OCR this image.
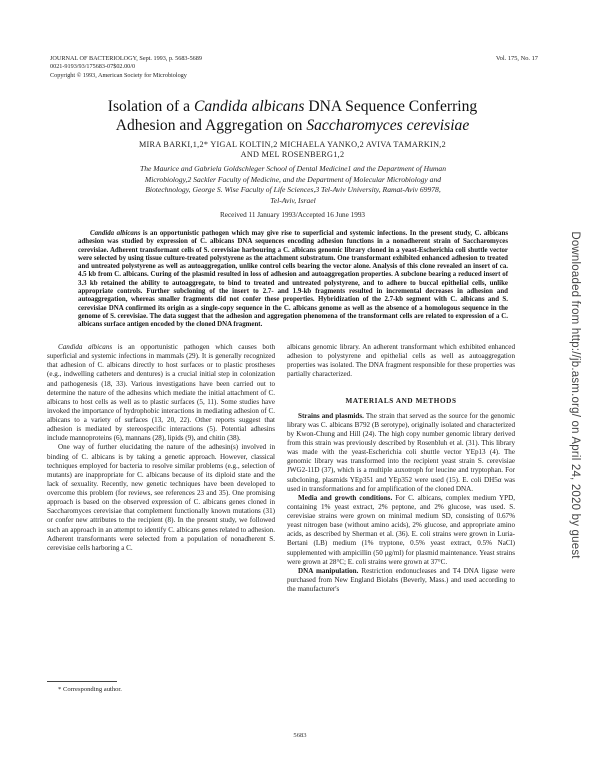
JOURNAL OF BACTERIOLOGY, Sept. 1993, p. 5683-5689
0021-9193/93/175683-07$02.00/0
Copyright © 1993, American Society for Microbiology
Vol. 175, No. 17
Isolation of a Candida albicans DNA Sequence Conferring
Adhesion and Aggregation on Saccharomyces cerevisiae
MIRA BARKI,1,2* YIGAL KOLTIN,2 MICHAELA YANKO,2 AVIVA TAMARKIN,2
AND MEL ROSENBERG1,2
The Maurice and Gabriela Goldschleger School of Dental Medicine1 and the Department of Human
Microbiology,2 Sackler Faculty of Medicine, and the Department of Molecular Microbiology and
Biotechnology, George S. Wise Faculty of Life Sciences,3 Tel-Aviv University, Ramat-Aviv 69978,
Tel-Aviv, Israel
Received 11 January 1993/Accepted 16 June 1993

Candida albicans is an opportunistic pathogen which may give rise to superficial and systemic infections. In the present study, C. albicans adhesion was studied by expression of C. albicans DNA sequences encoding adhesion functions in a nonadherent strain of Saccharomyces cerevisiae. Adherent transformant cells of S. cerevisiae harbouring a C. albicans genomic library cloned in a yeast-Escherichia coli shuttle vector were selected by using tissue culture-treated polystyrene as the attachment substratum. One transformant exhibited enhanced adhesion to treated and untreated polystyrene as well as autoaggregation, unlike control cells bearing the vector alone. Analysis of this clone revealed an insert of ca. 4.5 kb from C. albicans. Curing of the plasmid resulted in loss of adhesion and autoaggregation properties. A subclone bearing a reduced insert of 3.3 kb retained the ability to autoaggregate, to bind to treated and untreated polystyrene, and to adhere to buccal epithelial cells, unlike appropriate controls. Further subcloning of the insert to 2.7- and 1.9-kb fragments resulted in incremental decreases in adhesion and autoaggregation, whereas smaller fragments did not confer these properties. Hybridization of the 2.7-kb segment with C. albicans and S. cerevisiae DNA confirmed its origin as a single-copy sequence in the C. albicans genome as well as the absence of a homologous sequence in the genome of S. cerevisiae. The data suggest that the adhesion and aggregation phenomena of the transformant cells are related to expression of a C. albicans surface antigen encoded by the cloned DNA fragment.

Candida albicans is an opportunistic pathogen which causes both superficial and systemic infections in mammals (29). It is generally recognized that adhesion of C. albicans directly to host surfaces or to plastic prostheses (e.g., indwelling catheters and dentures) is a crucial initial step in colonization and pathogenesis (18, 33). Various investigations have been carried out to determine the nature of the adhesins which mediate the initial attachment of C. albicans to host cells as well as to plastic surfaces (5, 11). Some studies have invoked the importance of hydrophobic interactions in mediating adhesion of C. albicans to a variety of surfaces (13, 20, 22). Other reports suggest that adhesion is mediated by stereospecific interactions (5). Potential adhesins include mannoproteins (6), mannans (28), lipids (9), and chitin (38).

One way of further elucidating the nature of the adhesin(s) involved in binding of C. albicans is by taking a genetic approach. However, classical techniques employed for bacteria to resolve similar problems (e.g., selection of mutants) are inappropriate for C. albicans because of its diploid state and the lack of sexuality. Recently, new genetic techniques have been developed to overcome this problem (for reviews, see references 23 and 35). One promising approach is based on the observed expression of C. albicans genes cloned in Saccharomyces cerevisiae that complement functionally known mutations (31) or confer new attributes to the recipient (8). In the present study, we followed such an approach in an attempt to identify C. albicans genes related to adhesion. Adherent transformants were selected from a population of nonadherent S. cerevisiae cells harboring a C.

albicans genomic library. An adherent transformant which exhibited enhanced adhesion to polystyrene and epithelial cells as well as autoaggregation properties was isolated. The DNA fragment responsible for these properties was partially characterized.

MATERIALS AND METHODS

Strains and plasmids. The strain that served as the source for the genomic library was C. albicans B792 (B serotype), originally isolated and characterized by Kwon-Chung and Hill (24). The high copy number genomic library derived from this strain was previously described by Rosenbluh et al. (31). This library was made with the yeast-Escherichia coli shuttle vector YEp13 (4). The genomic library was transformed into the recipient yeast strain S. cerevisiae JWG2-11D (37), which is a multiple auxotroph for leucine and tryptophan. For subcloning, plasmids YEp351 and YEp352 were used (15). E. coli DH5α was used in transformations and for amplification of the cloned DNA.

Media and growth conditions. For C. albicans, complex medium YPD, containing 1% yeast extract, 2% peptone, and 2% glucose, was used. S. cerevisiae strains were grown on minimal medium SD, consisting of 0.67% yeast nitrogen base (without amino acids), 2% glucose, and appropriate amino acids, as described by Sherman et al. (36). E. coli strains were grown in Luria-Bertani (LB) medium (1% tryptone, 0.5% yeast extract, 0.5% NaCl) supplemented with ampicillin (50 μg/ml) for plasmid maintenance. Yeast strains were grown at 28°C; E. coli strains were grown at 37°C.

DNA manipulation. Restriction endonucleases and T4 DNA ligase were purchased from New England Biolabs (Beverly, Mass.) and used according to the manufacturer's

* Corresponding author.
5683
Downloaded from http://jb.asm.org/ on April 24, 2020 by guest
